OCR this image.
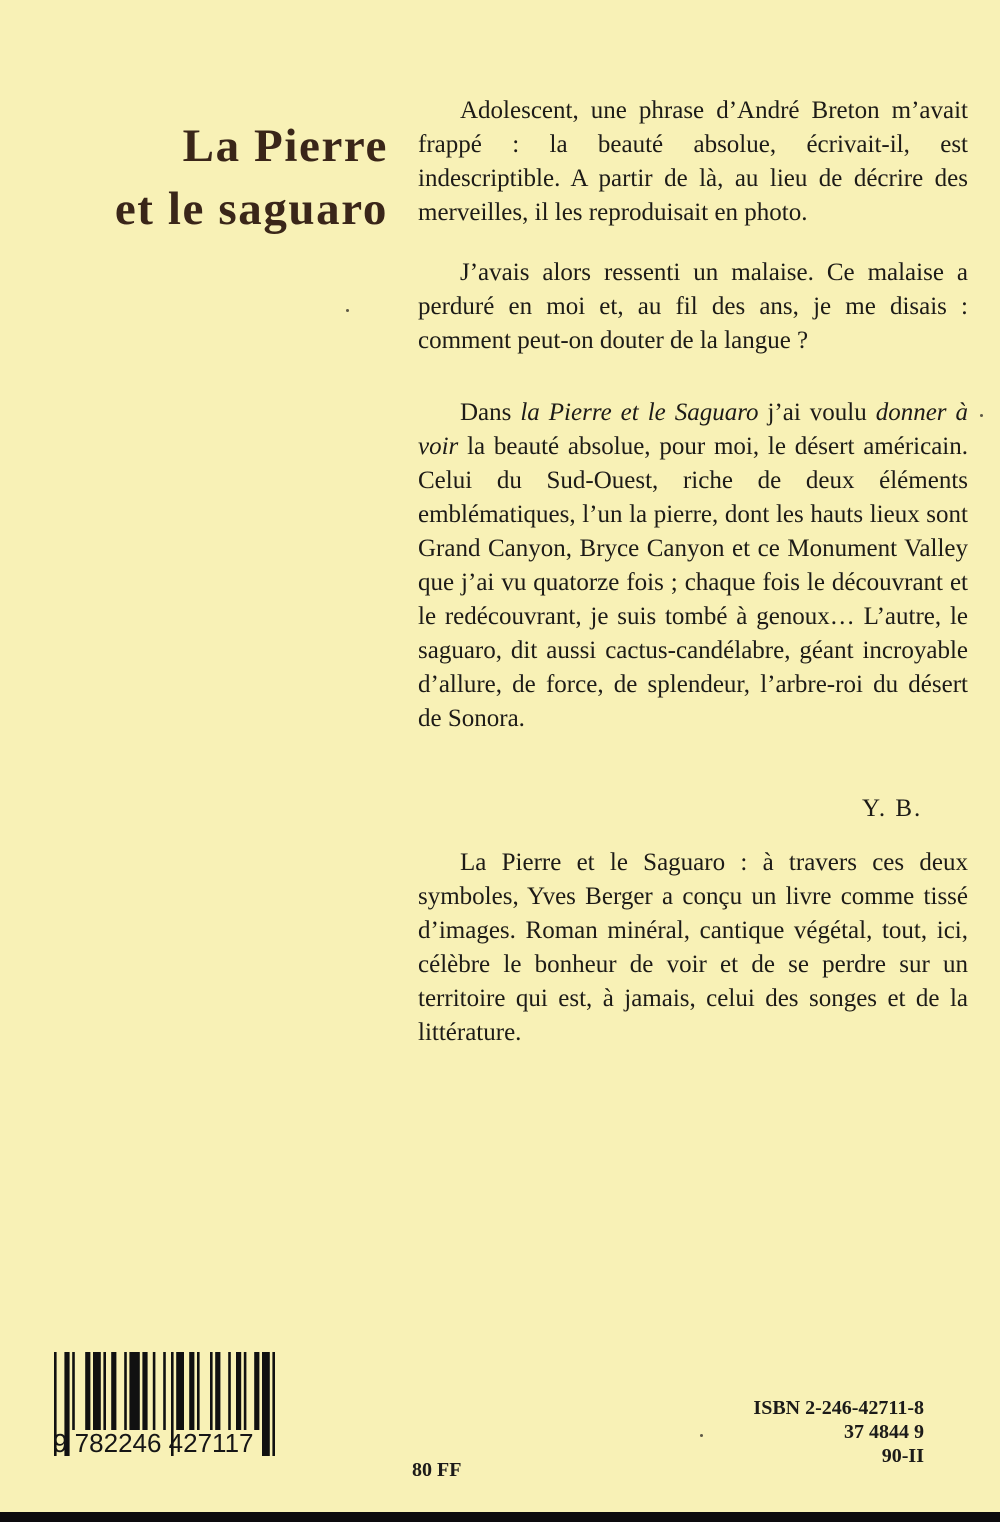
La Pierre
et le saguaro

Adolescent, une phrase d’André Breton m’avait frappé : la beauté absolue, écrivait-il, est indescriptible. A partir de là, au lieu de décrire des merveilles, il les reproduisait en photo.

J’avais alors ressenti un malaise. Ce malaise a perduré en moi et, au fil des ans, je me disais : comment peut-on douter de la langue ?

Dans la Pierre et le Saguaro j’ai voulu donner à voir la beauté absolue, pour moi, le désert américain. Celui du Sud-Ouest, riche de deux éléments emblématiques, l’un la pierre, dont les hauts lieux sont Grand Canyon, Bryce Canyon et ce Monument Valley que j’ai vu quatorze fois ; chaque fois le découvrant et le redécouvrant, je suis tombé à genoux… L’autre, le saguaro, dit aussi cactus-candélabre, géant incroyable d’allure, de force, de splendeur, l’arbre-roi du désert de Sonora.

Y. B.

La Pierre et le Saguaro : à travers ces deux symboles, Yves Berger a conçu un livre comme tissé d’images. Roman minéral, cantique végétal, tout, ici, célèbre le bonheur de voir et de se perdre sur un territoire qui est, à jamais, celui des songes et de la littérature.

9 782246 427117
80 FF
ISBN 2-246-42711-8
37 4844 9
90-II
